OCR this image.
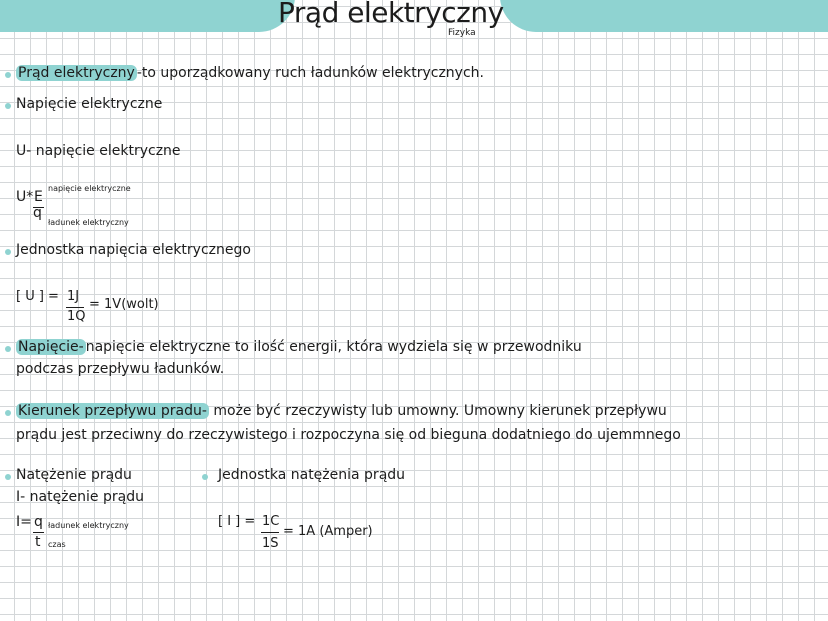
Prąd elektryczny
Fizyka
Prąd elektryczny -to uporządkowany ruch ładunków elektrycznych.
Napięcie elektryczne
U- napięcie elektryczne
U* E
q
napięcie elektryczne
ładunek elektryczny
Jednostka napięcia elektrycznego
[ U ] = 1J
1Q
= 1V(wolt)
Napięcie- napięcie elektryczne to ilość energii, która wydziela się w przewodniku
podczas przepływu ładunków.
Kierunek przepływu pradu- może być rzeczywisty lub umowny. Umowny kierunek przepływu
prądu jest przeciwny do rzeczywistego i rozpoczyna się od bieguna dodatniego do ujemmnego
Natężenie prądu
I- natężenie prądu
I= q
t
ładunek elektryczny
czas
Jednostka natężenia prądu
[ I ] = 1C
1S
= 1A (Amper)
